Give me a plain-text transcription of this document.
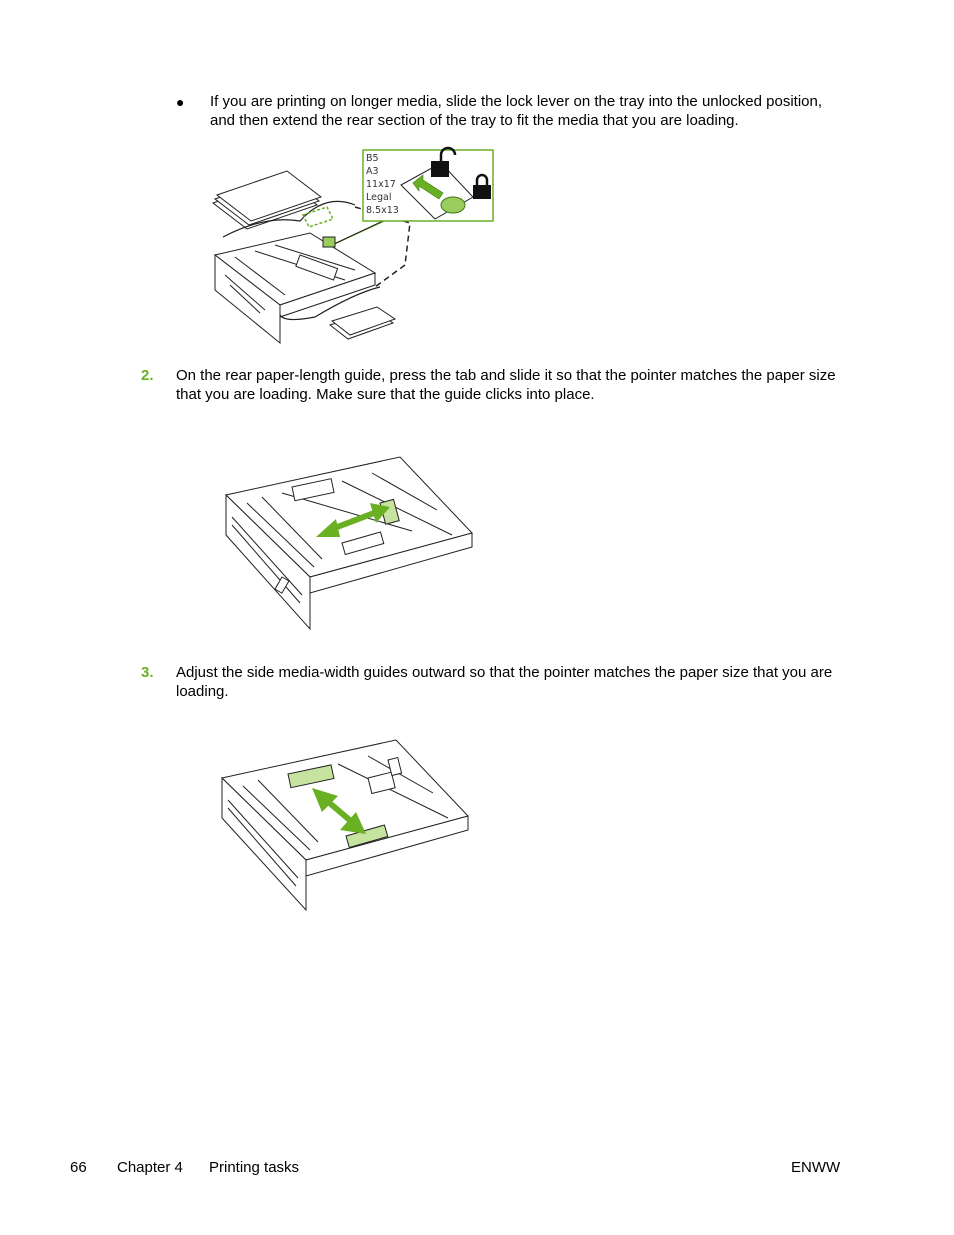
● If you are printing on longer media, slide the lock lever on the tray into the unlocked position, and then extend the rear section of the tray to fit the media that you are loading.
B5
A3
11x17
Legal
8.5x13
2. On the rear paper-length guide, press the tab and slide it so that the pointer matches the paper size that you are loading. Make sure that the guide clicks into place.
3. Adjust the side media-width guides outward so that the pointer matches the paper size that you are loading.
66 Chapter 4 Printing tasks	ENWW
